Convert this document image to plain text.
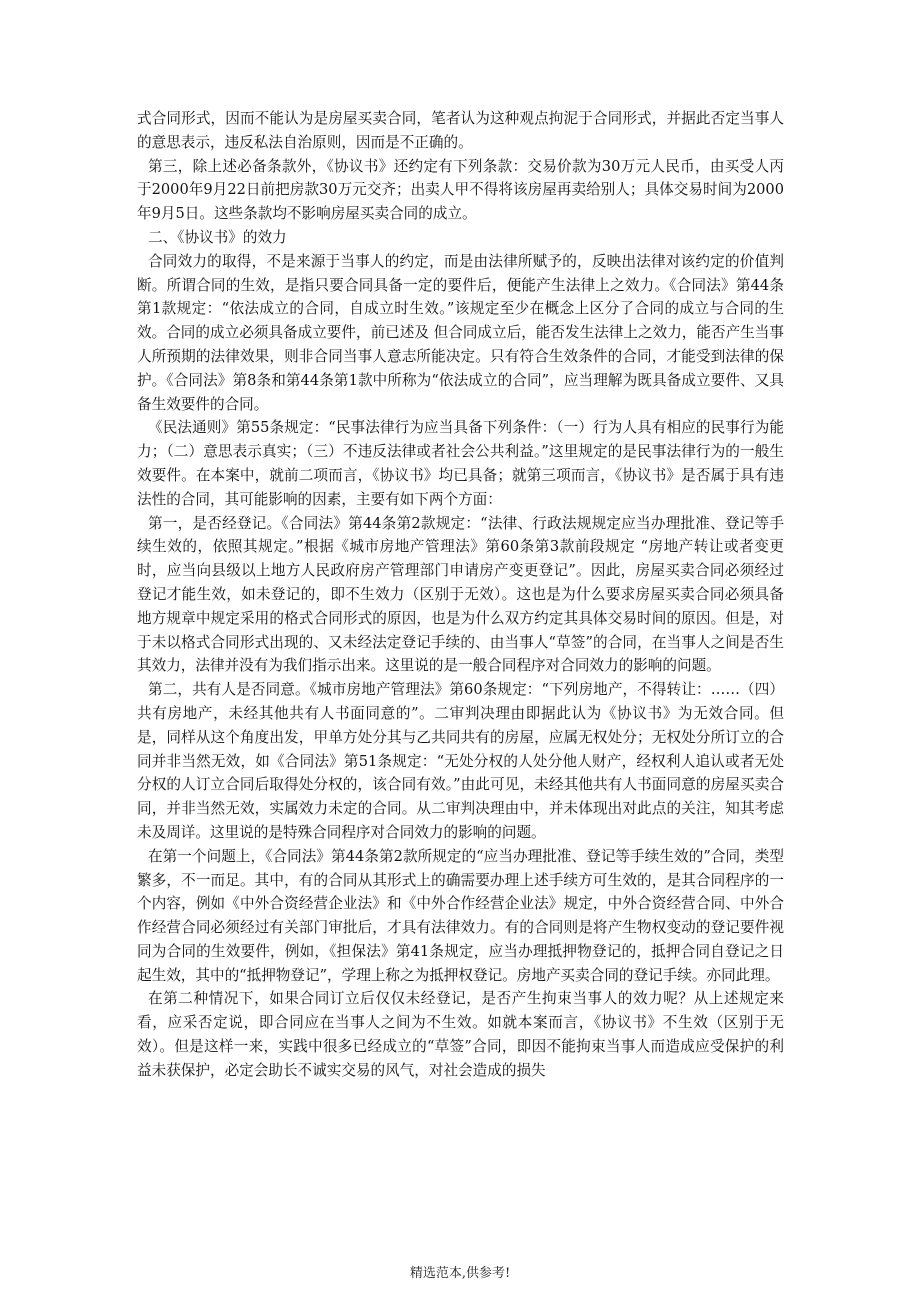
式合同形式，因而不能认为是房屋买卖合同，笔者认为这种观点拘泥于合同形式，并据此否定当事人的意思表示，违反私法自治原则，因而是不正确的。

第三，除上述必备条款外，《协议书》还约定有下列条款：交易价款为30万元人民币，由买受人丙于2000年9月22日前把房款30万元交齐；出卖人甲不得将该房屋再卖给别人；具体交易时间为2000年9月5日。这些条款均不影响房屋买卖合同的成立。

二、《协议书》的效力

合同效力的取得，不是来源于当事人的约定，而是由法律所赋予的，反映出法律对该约定的价值判断。所谓合同的生效，是指只要合同具备一定的要件后，便能产生法律上之效力。《合同法》第44条第1款规定：“依法成立的合同，自成立时生效。”该规定至少在概念上区分了合同的成立与合同的生效。合同的成立必须具备成立要件，前已述及 但合同成立后，能否发生法律上之效力，能否产生当事人所预期的法律效果，则非合同当事人意志所能决定。只有符合生效条件的合同，才能受到法律的保护。《合同法》第8条和第44条第1款中所称为“依法成立的合同”，应当理解为既具备成立要件、又具备生效要件的合同。

《民法通则》第55条规定：“民事法律行为应当具备下列条件：（一）行为人具有相应的民事行为能力；（二）意思表示真实；（三）不违反法律或者社会公共利益。”这里规定的是民事法律行为的一般生效要件。在本案中，就前二项而言，《协议书》均已具备；就第三项而言，《协议书》是否属于具有违法性的合同，其可能影响的因素，主要有如下两个方面：

第一，是否经登记。《合同法》第44条第2款规定：“法律、行政法规规定应当办理批准、登记等手续生效的，依照其规定。”根据《城市房地产管理法》第60条第3款前段规定 “房地产转让或者变更时，应当向县级以上地方人民政府房产管理部门申请房产变更登记”。因此，房屋买卖合同必须经过登记才能生效，如未登记的，即不生效力（区别于无效）。这也是为什么要求房屋买卖合同必须具备地方规章中规定采用的格式合同形式的原因，也是为什么双方约定其具体交易时间的原因。但是，对于未以格式合同形式出现的、又未经法定登记手续的、由当事人“草签”的合同，在当事人之间是否生其效力，法律并没有为我们指示出来。这里说的是一般合同程序对合同效力的影响的问题。

第二，共有人是否同意。《城市房地产管理法》第60条规定：“下列房地产，不得转让：……（四）共有房地产，未经其他共有人书面同意的”。二审判决理由即据此认为《协议书》为无效合同。但是，同样从这个角度出发，甲单方处分其与乙共同共有的房屋，应属无权处分；无权处分所订立的合同并非当然无效，如《合同法》第51条规定：“无处分权的人处分他人财产，经权利人追认或者无处分权的人订立合同后取得处分权的，该合同有效。”由此可见，未经其他共有人书面同意的房屋买卖合同，并非当然无效，实属效力未定的合同。从二审判决理由中，并未体现出对此点的关注，知其考虑未及周详。这里说的是特殊合同程序对合同效力的影响的问题。

在第一个问题上，《合同法》第44条第2款所规定的“应当办理批准、登记等手续生效的”合同，类型繁多，不一而足。其中，有的合同从其形式上的确需要办理上述手续方可生效的，是其合同程序的一个内容，例如《中外合资经营企业法》和《中外合作经营企业法》规定，中外合资经营合同、中外合作经营合同必须经过有关部门审批后，才具有法律效力。有的合同则是将产生物权变动的登记要件视同为合同的生效要件，例如，《担保法》第41条规定，应当办理抵押物登记的，抵押合同自登记之日起生效，其中的“抵押物登记”，学理上称之为抵押权登记。房地产买卖合同的登记手续。亦同此理。

在第二种情况下，如果合同订立后仅仅未经登记，是否产生拘束当事人的效力呢？从上述规定来看，应采否定说，即合同应在当事人之间为不生效。如就本案而言，《协议书》不生效（区别于无效）。但是这样一来，实践中很多已经成立的“草签”合同，即因不能拘束当事人而造成应受保护的利益未获保护，必定会助长不诚实交易的风气，对社会造成的损失

精选范本,供参考!
